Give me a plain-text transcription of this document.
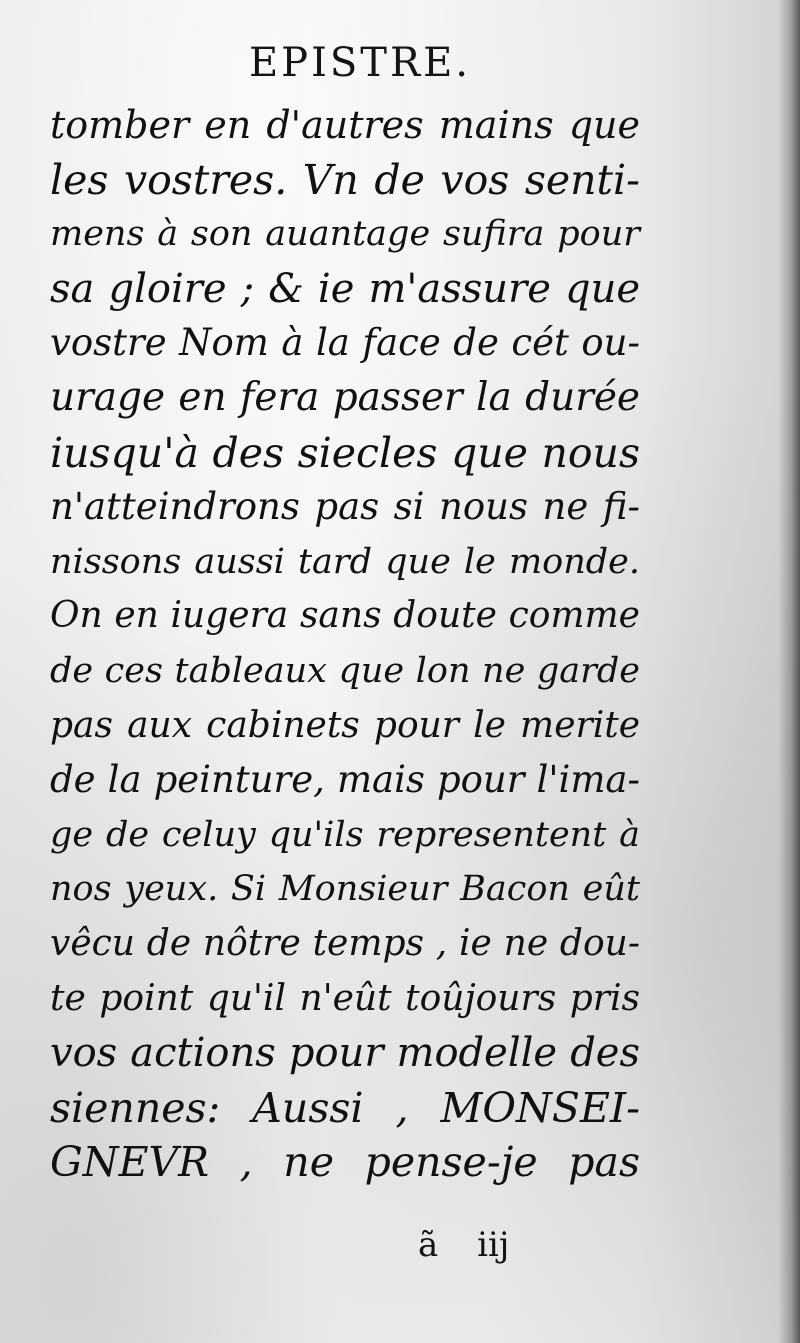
EPISTRE.
tomber en d'autres mains que
les vostres. Vn de vos senti-
mens à son auantage sufira pour
sa gloire ; & ie m'assure que
vostre Nom à la face de cét ou-
urage en fera passer la durée
iusqu'à des siecles que nous
n'atteindrons pas si nous ne fi-
nissons aussi tard que le monde.
On en iugera sans doute comme
de ces tableaux que lon ne garde
pas aux cabinets pour le merite
de la peinture, mais pour l'ima-
ge de celuy qu'ils representent à
nos yeux. Si Monsieur Bacon eût
vêcu de nôtre temps , ie ne dou-
te point qu'il n'eût toûjours pris
vos actions pour modelle des
siennes: Aussi , MONSEI-
GNEVR , ne pense-je pas
ã iij
